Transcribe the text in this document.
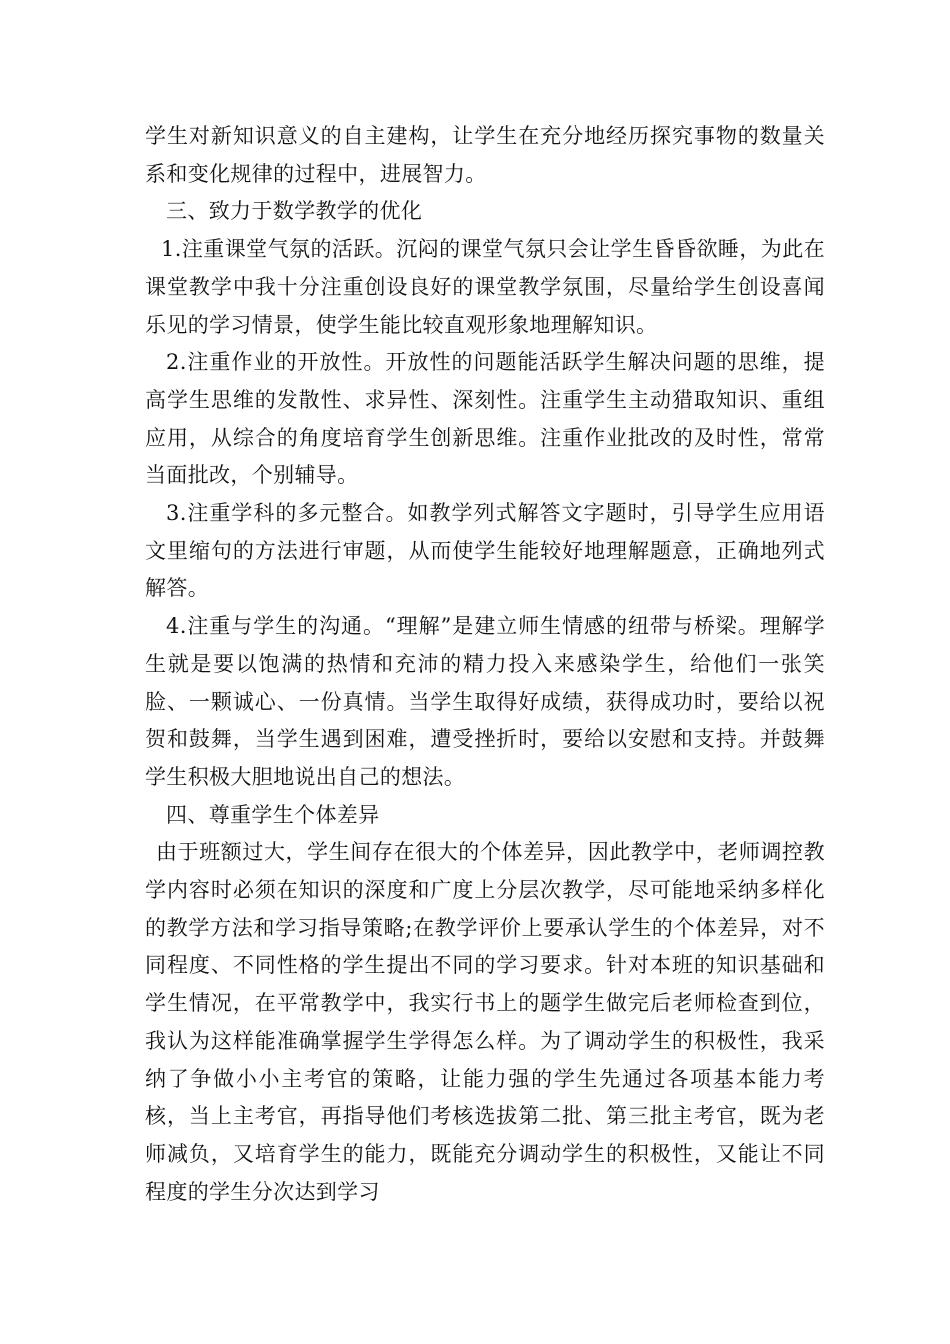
学生对新知识意义的自主建构，让学生在充分地经历探究事物的数量关系和变化规律的过程中，进展智力。

三、致力于数学教学的优化

1.注重课堂气氛的活跃。沉闷的课堂气氛只会让学生昏昏欲睡，为此在课堂教学中我十分注重创设良好的课堂教学氛围，尽量给学生创设喜闻乐见的学习情景，使学生能比较直观形象地理解知识。

2.注重作业的开放性。开放性的问题能活跃学生解决问题的思维，提高学生思维的发散性、求异性、深刻性。注重学生主动猎取知识、重组应用，从综合的角度培育学生创新思维。注重作业批改的及时性，常常当面批改，个别辅导。

3.注重学科的多元整合。如教学列式解答文字题时，引导学生应用语文里缩句的方法进行审题，从而使学生能较好地理解题意，正确地列式解答。

4.注重与学生的沟通。“理解”是建立师生情感的纽带与桥梁。理解学生就是要以饱满的热情和充沛的精力投入来感染学生，给他们一张笑脸、一颗诚心、一份真情。当学生取得好成绩，获得成功时，要给以祝贺和鼓舞，当学生遇到困难，遭受挫折时，要给以安慰和支持。并鼓舞学生积极大胆地说出自己的想法。

四、尊重学生个体差异

由于班额过大，学生间存在很大的个体差异，因此教学中，老师调控教学内容时必须在知识的深度和广度上分层次教学，尽可能地采纳多样化的教学方法和学习指导策略;在教学评价上要承认学生的个体差异，对不同程度、不同性格的学生提出不同的学习要求。针对本班的知识基础和学生情况，在平常教学中，我实行书上的题学生做完后老师检查到位，我认为这样能准确掌握学生学得怎么样。为了调动学生的积极性，我采纳了争做小小主考官的策略，让能力强的学生先通过各项基本能力考核，当上主考官，再指导他们考核选拔第二批、第三批主考官，既为老师减负，又培育学生的能力，既能充分调动学生的积极性，又能让不同程度的学生分次达到学习
